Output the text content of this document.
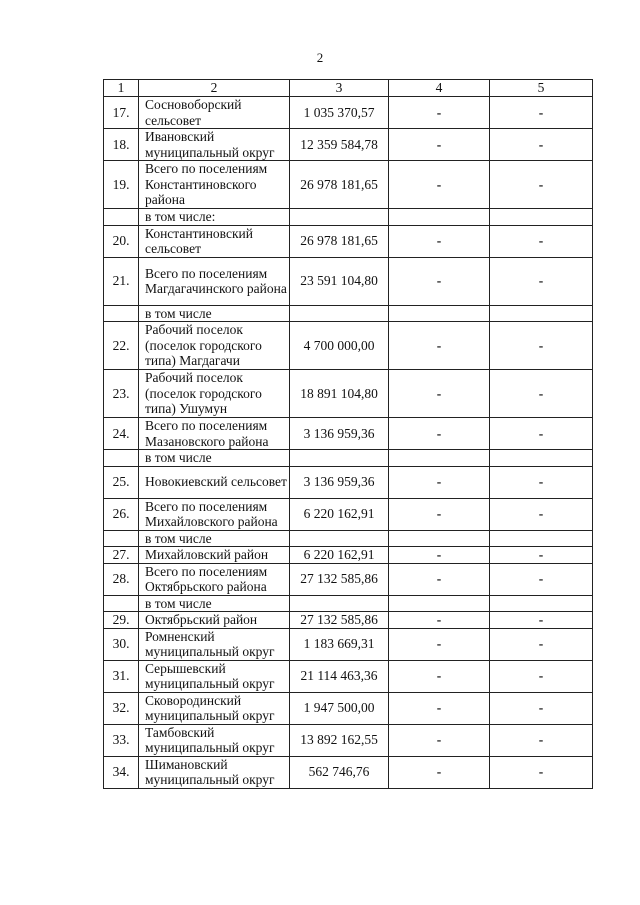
2
1	2	3	4	5
17.	Сосновоборский сельсовет	1 035 370,57	-	-
18.	Ивановский муниципальный округ	12 359 584,78	-	-
19.	Всего по поселениям Константиновского района	26 978 181,65	-	-
	в том числе:			
20.	Константиновский сельсовет	26 978 181,65	-	-
21.	Всего по поселениям Магдагачинского района	23 591 104,80	-	-
	в том числе			
22.	Рабочий поселок (поселок городского типа) Магдагачи	4 700 000,00	-	-
23.	Рабочий поселок (поселок городского типа) Ушумун	18 891 104,80	-	-
24.	Всего по поселениям Мазановского района	3 136 959,36	-	-
	в том числе			
25.	Новокиевский сельсовет	3 136 959,36	-	-
26.	Всего по поселениям Михайловского района	6 220 162,91	-	-
	в том числе			
27.	Михайловский район	6 220 162,91	-	-
28.	Всего по поселениям Октябрьского района	27 132 585,86	-	-
	в том числе			
29.	Октябрьский район	27 132 585,86	-	-
30.	Ромненский муниципальный округ	1 183 669,31	-	-
31.	Серышевский муниципальный округ	21 114 463,36	-	-
32.	Сковородинский муниципальный округ	1 947 500,00	-	-
33.	Тамбовский муниципальный округ	13 892 162,55	-	-
34.	Шимановский муниципальный округ	562 746,76	-	-
